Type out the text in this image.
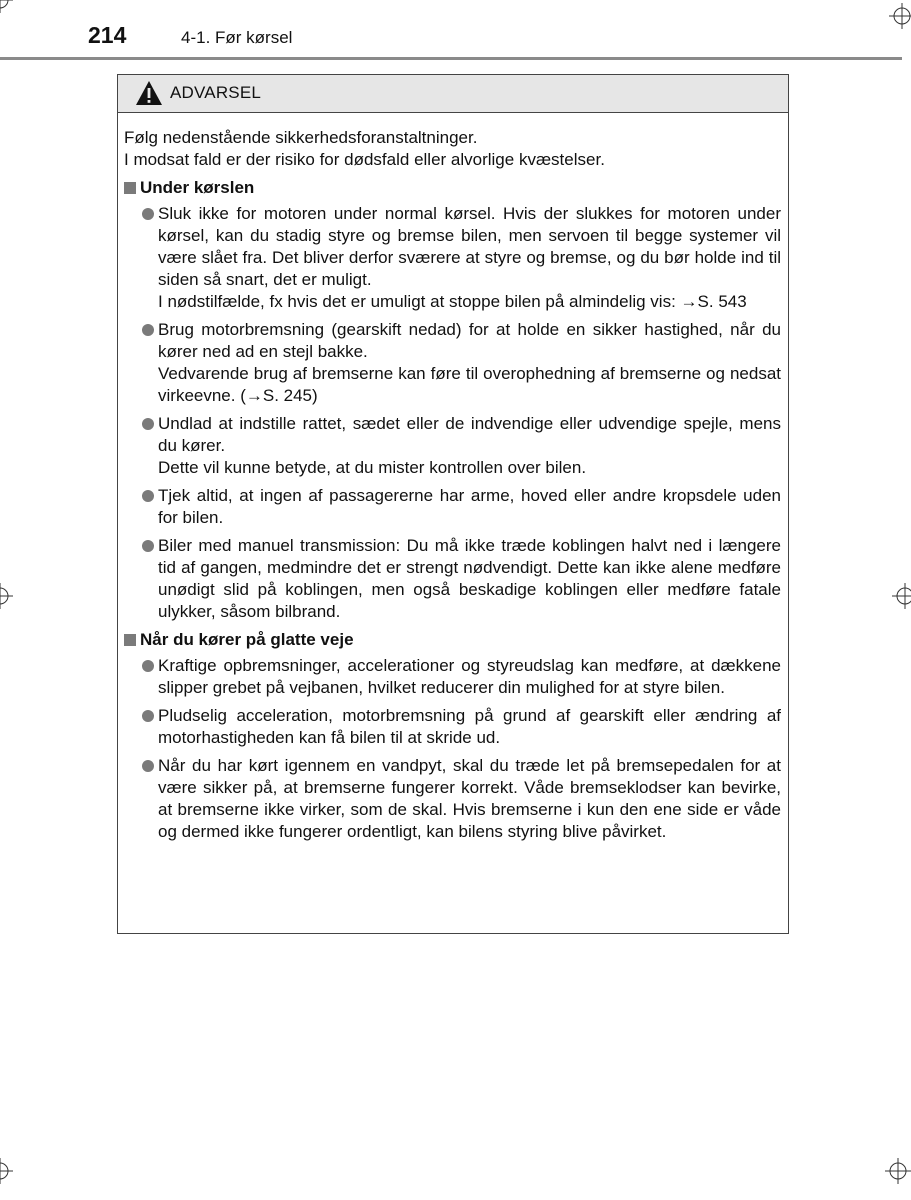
214	4-1. Før kørsel
ADVARSEL

Følg nedenstående sikkerhedsforanstaltninger.

I modsat fald er der risiko for dødsfald eller alvorlige kvæstelser.

Under kørslen

Sluk ikke for motoren under normal kørsel. Hvis der slukkes for motoren under kørsel, kan du stadig styre og bremse bilen, men servoen til begge systemer vil være slået fra. Det bliver derfor sværere at styre og bremse, og du bør holde ind til siden så snart, det er muligt.

I nødstilfælde, fx hvis det er umuligt at stoppe bilen på almindelig vis: →S. 543

Brug motorbremsning (gearskift nedad) for at holde en sikker hastighed, når du kører ned ad en stejl bakke.

Vedvarende brug af bremserne kan føre til overophedning af bremserne og nedsat virkeevne. (→S. 245)

Undlad at indstille rattet, sædet eller de indvendige eller udvendige spejle, mens du kører.

Dette vil kunne betyde, at du mister kontrollen over bilen.

Tjek altid, at ingen af passagererne har arme, hoved eller andre kropsdele uden for bilen.

Biler med manuel transmission: Du må ikke træde koblingen halvt ned i længere tid af gangen, medmindre det er strengt nødvendigt. Dette kan ikke alene medføre unødigt slid på koblingen, men også beskadige koblingen eller medføre fatale ulykker, såsom bilbrand.

Når du kører på glatte veje

Kraftige opbremsninger, accelerationer og styreudslag kan medføre, at dækkene slipper grebet på vejbanen, hvilket reducerer din mulighed for at styre bilen.

Pludselig acceleration, motorbremsning på grund af gearskift eller ændring af motorhastigheden kan få bilen til at skride ud.

Når du har kørt igennem en vandpyt, skal du træde let på bremsepedalen for at være sikker på, at bremserne fungerer korrekt. Våde bremseklodser kan bevirke, at bremserne ikke virker, som de skal. Hvis bremserne i kun den ene side er våde og dermed ikke fungerer ordentligt, kan bilens styring blive påvirket.
